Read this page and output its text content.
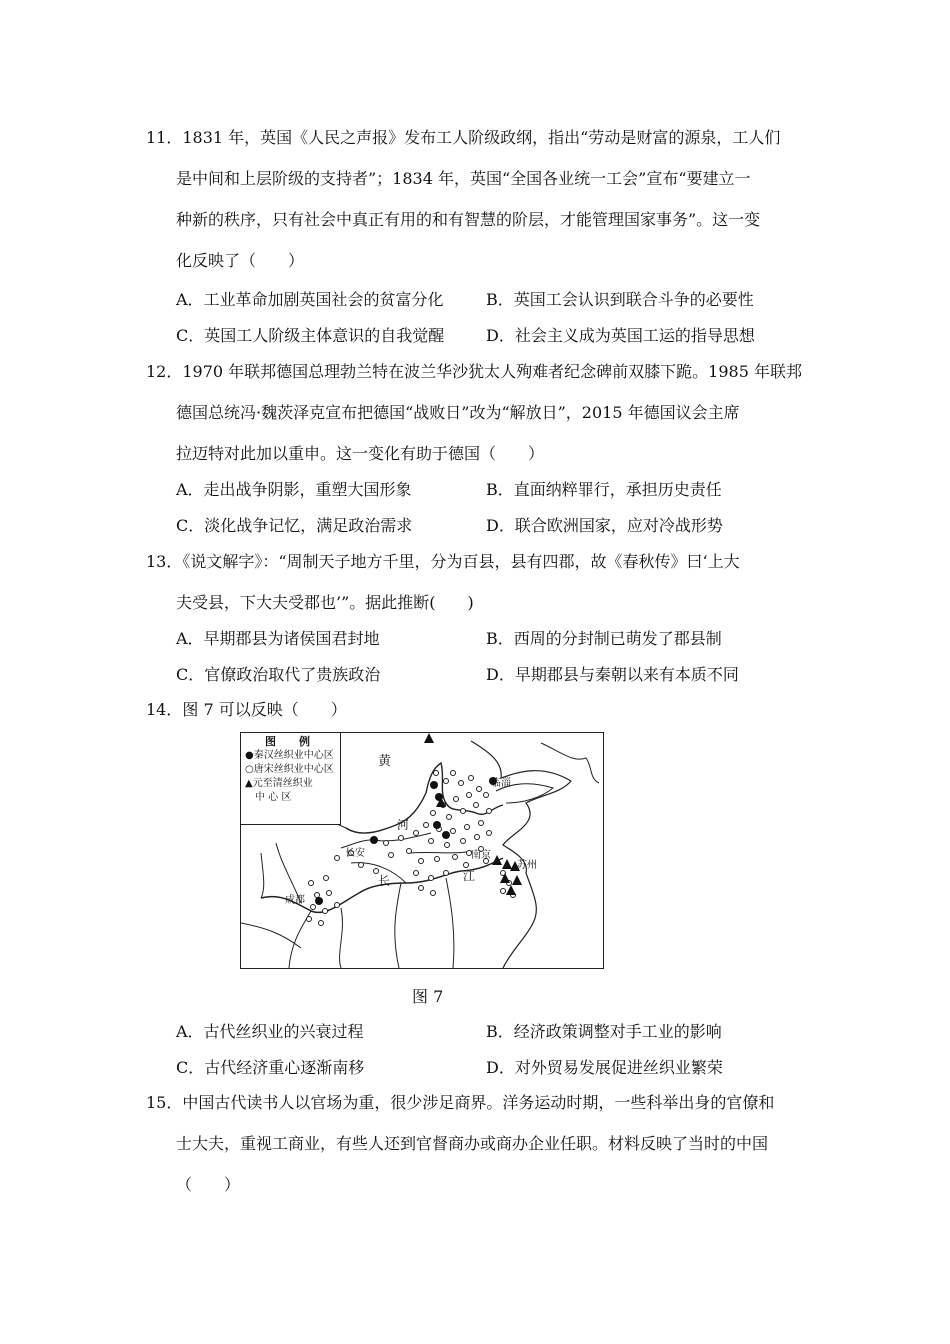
11．1831 年，英国《人民之声报》发布工人阶级政纲，指出“劳动是财富的源泉，工人们
是中间和上层阶级的支持者”；1834 年，英国“全国各业统一工会”宣布“要建立一
种新的秩序，只有社会中真正有用的和有智慧的阶层，才能管理国家事务”。这一变
化反映了（　　）
A．工业革命加剧英国社会的贫富分化	B．英国工会认识到联合斗争的必要性
C．英国工人阶级主体意识的自我觉醒	D．社会主义成为英国工运的指导思想
12．1970 年联邦德国总理勃兰特在波兰华沙犹太人殉难者纪念碑前双膝下跪。1985 年联邦
德国总统冯·魏茨泽克宣布把德国“战败日”改为“解放日”，2015 年德国议会主席
拉迈特对此加以重申。这一变化有助于德国（　　）
A．走出战争阴影，重塑大国形象	B．直面纳粹罪行，承担历史责任
C．淡化战争记忆，满足政治需求	D．联合欧洲国家，应对冷战形势
13．《说文解字》：“周制天子地方千里，分为百县，县有四郡，故《春秋传》曰‘上大
夫受县，下大夫受郡也’”。据此推断(　　)
A．早期郡县为诸侯国君封地	B．西周的分封制已萌发了郡县制
C．官僚政治取代了贵族政治	D．早期郡县与秦朝以来有本质不同
14．图 7 可以反映（　　）
黄
河
临淄
长安	南京
苏州
成都
长	江
图　例
●秦汉丝织业中心区
○唐宋丝织业中心区
▲元至清丝织业
　中 心 区
图 7
A．古代丝织业的兴衰过程	B．经济政策调整对手工业的影响
C．古代经济重心逐渐南移	D．对外贸易发展促进丝织业繁荣
15．中国古代读书人以官场为重，很少涉足商界。洋务运动时期，一些科举出身的官僚和
士大夫，重视工商业，有些人还到官督商办或商办企业任职。材料反映了当时的中国
（　　）
